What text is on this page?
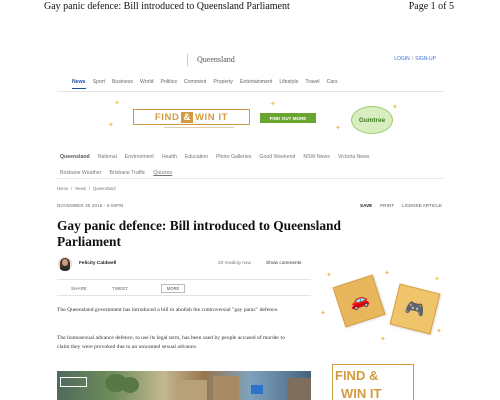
Gay panic defence: Bill introduced to Queensland Parliament	Page 1 of 5
Queensland	LOGIN / SIGN-UP
News Sport Business World Politics Comment Property Entertainment Lifestyle Travel Cars
✦
✦
✦
✦
✦
FIND & WIN IT	FIND OUT MORE	Gumtree
Queensland National Environment Health Education Photo Galleries Good Weekend NSW News Victoria News
Brisbane Weather Brisbane Traffic Quizzes
Home / News / Queensland
NOVEMBER 30 2016 - 6:00PM	SAVE PRINT LICENSE ARTICLE
Gay panic defence: Bill introduced to Queensland Parliament
Felicity Caldwell	20 reading now	Show comments
SHARE	TWEET	MORE

The Queensland government has introduced a bill to abolish the controversial "gay panic" defence.

The homosexual advance defence, to use its legal term, has been used by people accused of murder to claim they were provoked due to an unwanted sexual advance.

✦	✦
✦
✦
✦
✦
🚗 🎮
FIND &
WIN IT
